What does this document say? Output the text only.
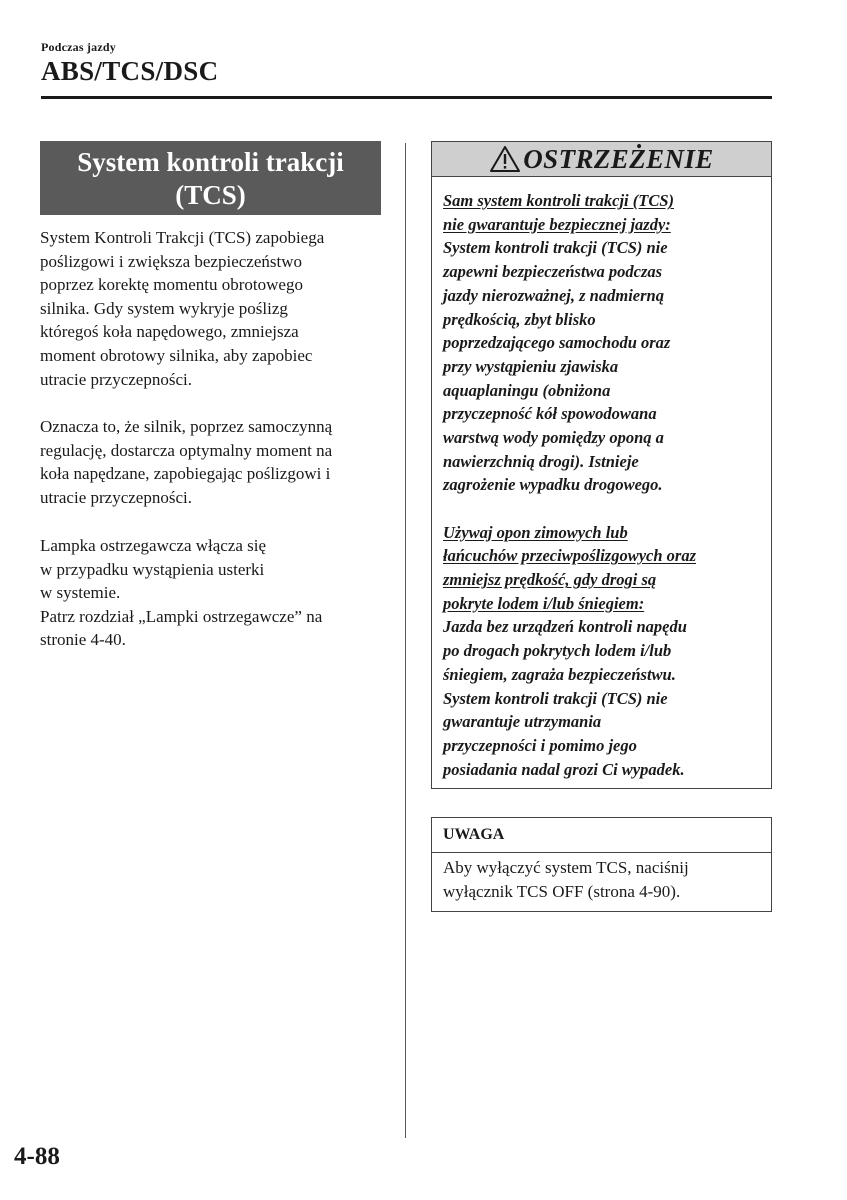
Podczas jazdy
ABS/TCS/DSC
System kontroli trakcji
(TCS)

System Kontroli Trakcji (TCS) zapobiega

poślizgowi i zwiększa bezpieczeństwo

poprzez korektę momentu obrotowego

silnika. Gdy system wykryje poślizg

któregoś koła napędowego, zmniejsza

moment obrotowy silnika, aby zapobiec

utracie przyczepności.

Oznacza to, że silnik, poprzez samoczynną

regulację, dostarcza optymalny moment na

koła napędzane, zapobiegając poślizgowi i

utracie przyczepności.

Lampka ostrzegawcza włącza się

w przypadku wystąpienia usterki

w systemie.

Patrz rozdział „Lampki ostrzegawcze” na

stronie 4-40.

OSTRZEŻENIE

Sam system kontroli trakcji (TCS)

nie gwarantuje bezpiecznej jazdy:

System kontroli trakcji (TCS) nie

zapewni bezpieczeństwa podczas

jazdy nierozważnej, z nadmierną

prędkością, zbyt blisko

poprzedzającego samochodu oraz

przy wystąpieniu zjawiska

aquaplaningu (obniżona

przyczepność kół spowodowana

warstwą wody pomiędzy oponą a

nawierzchnią drogi). Istnieje

zagrożenie wypadku drogowego.

Używaj opon zimowych lub

łańcuchów przeciwpoślizgowych oraz

zmniejsz prędkość, gdy drogi są

pokryte lodem i/lub śniegiem:

Jazda bez urządzeń kontroli napędu

po drogach pokrytych lodem i/lub

śniegiem, zagraża bezpieczeństwu.

System kontroli trakcji (TCS) nie

gwarantuje utrzymania

przyczepności i pomimo jego

posiadania nadal grozi Ci wypadek.

UWAGA
Aby wyłączyć system TCS, naciśnij
wyłącznik TCS OFF (strona 4-90).
4-88
